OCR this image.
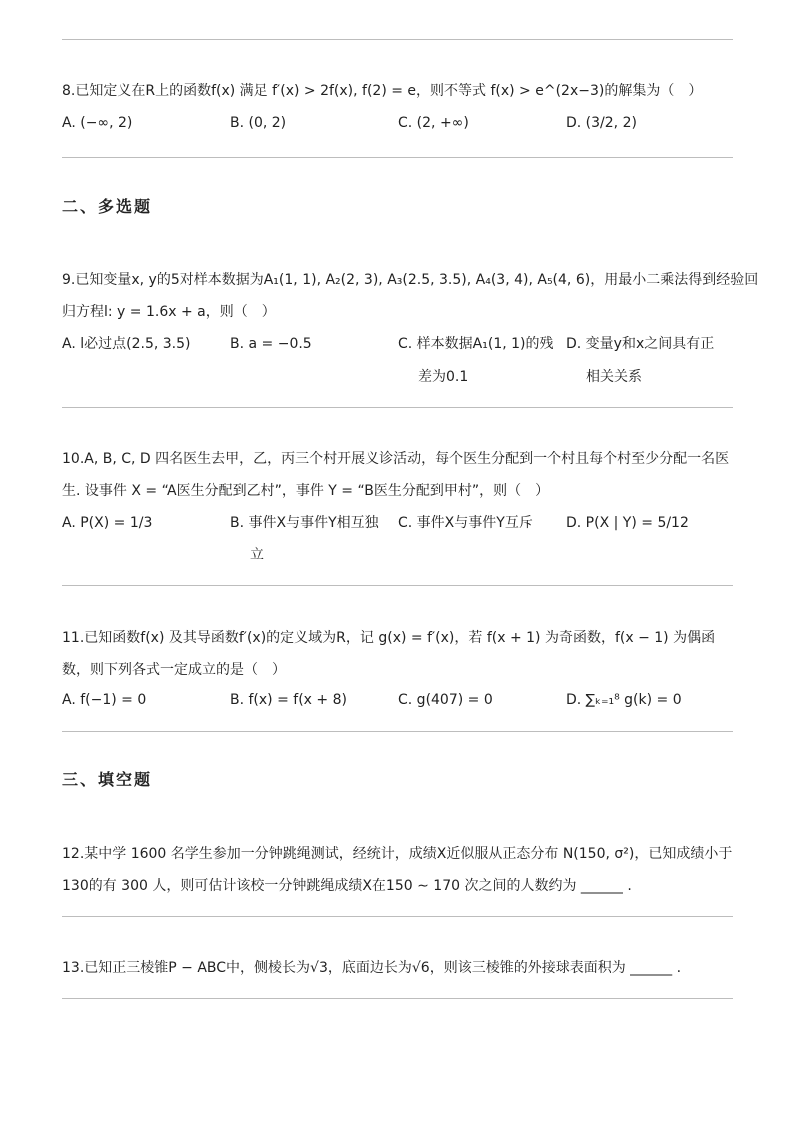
8.已知定义在R上的函数f(x) 满足 f′(x) > 2f(x), f(2) = e，则不等式 f(x) > e^(2x−3)的解集为（　）
A. (−∞, 2)	B. (0, 2)	C. (2, +∞)	D. (3/2, 2)
二、多选题
9.已知变量x, y的5对样本数据为A₁(1, 1), A₂(2, 3), A₃(2.5, 3.5), A₄(3, 4), A₅(4, 6)，用最小二乘法得到经验回
归方程l: y = 1.6x + a，则（　）
A. l必过点(2.5, 3.5)	B. a = −0.5	C. 样本数据A₁(1, 1)的残 D. 变量y和x之间具有正
差为0.1	相关关系
10.A, B, C, D 四名医生去甲，乙，丙三个村开展义诊活动，每个医生分配到一个村且每个村至少分配一名医
生. 设事件 X = “A医生分配到乙村”，事件 Y = “B医生分配到甲村”，则（　）
A. P(X) = 1/3	B. 事件X与事件Y相互独 C. 事件X与事件Y互斥 D. P(X | Y) = 5/12
立
11.已知函数f(x) 及其导函数f′(x)的定义域为R，记 g(x) = f′(x)，若 f(x + 1) 为奇函数，f(x − 1) 为偶函
数，则下列各式一定成立的是（　）
A. f(−1) = 0	B. f(x) = f(x + 8)	C. g(407) = 0	D. ∑ₖ₌₁⁸ g(k) = 0
三、填空题
12.某中学 1600 名学生参加一分钟跳绳测试，经统计，成绩X近似服从正态分布 N(150, σ²)，已知成绩小于
130的有 300 人，则可估计该校一分钟跳绳成绩X在150 ∼ 170 次之间的人数约为 ______ .
13.已知正三棱锥P − ABC中，侧棱长为√3，底面边长为√6，则该三棱锥的外接球表面积为 ______ .
